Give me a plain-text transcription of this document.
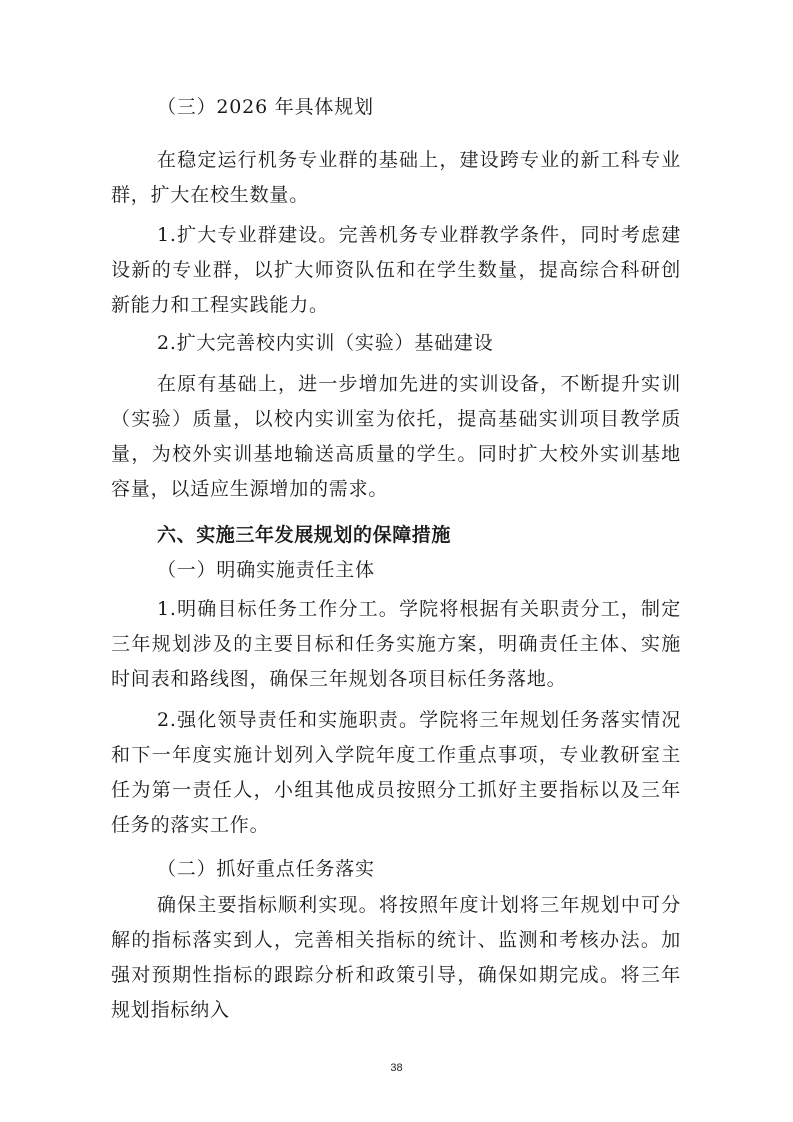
（三）2026 年具体规划

在稳定运行机务专业群的基础上，建设跨专业的新工科专业群，扩大在校生数量。

1.扩大专业群建设。完善机务专业群教学条件，同时考虑建设新的专业群，以扩大师资队伍和在学生数量，提高综合科研创新能力和工程实践能力。

2.扩大完善校内实训（实验）基础建设

在原有基础上，进一步增加先进的实训设备，不断提升实训（实验）质量，以校内实训室为依托，提高基础实训项目教学质量，为校外实训基地输送高质量的学生。同时扩大校外实训基地容量，以适应生源增加的需求。

六、实施三年发展规划的保障措施

（一）明确实施责任主体

1.明确目标任务工作分工。学院将根据有关职责分工，制定三年规划涉及的主要目标和任务实施方案，明确责任主体、实施时间表和路线图，确保三年规划各项目标任务落地。

2.强化领导责任和实施职责。学院将三年规划任务落实情况和下一年度实施计划列入学院年度工作重点事项，专业教研室主任为第一责任人，小组其他成员按照分工抓好主要指标以及三年任务的落实工作。

（二）抓好重点任务落实

确保主要指标顺利实现。将按照年度计划将三年规划中可分解的指标落实到人，完善相关指标的统计、监测和考核办法。加强对预期性指标的跟踪分析和政策引导，确保如期完成。将三年规划指标纳入

38
